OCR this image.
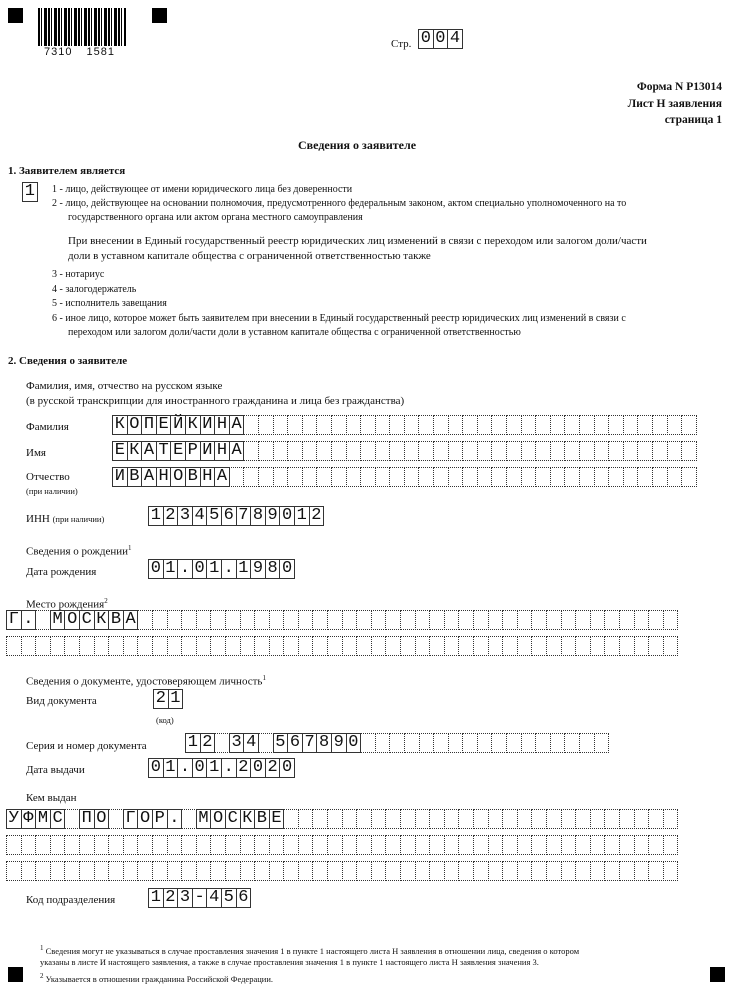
7310 1581
Стр. 0 0 4
Форма N Р13014
Лист Н заявления
страница 1
Сведения о заявителе
1. Заявителем является
1 1 - лицо, действующее от имени юридического лица без доверенности
2 - лицо, действующее на основании полномочия, предусмотренного федеральным законом, актом специально уполномоченного на то
государственного органа или актом органа местного самоуправления
При внесении в Единый государственный реестр юридических лиц изменений в связи с переходом или залогом доли/части
доли в уставном капитале общества с ограниченной ответственностью также
3 - нотариус
4 - залогодержатель
5 - исполнитель завещания
6 - иное лицо, которое может быть заявителем при внесении в Единый государственный реестр юридических лиц изменений в связи с
переходом или залогом доли/части доли в уставном капитале общества с ограниченной ответственностью
2. Сведения о заявителе
Фамилия, имя, отчество на русском языке
(в русской транскрипции для иностранного гражданина и лица без гражданства)
Фамилия	К О П Е Й К И Н А
Имя	Е К А Т Е Р И Н А
Отчество
(при наличии)
И В А Н О В Н А
ИНН (при наличии)	1 2 3 4 5 6 7 8 9 0 1 2
Сведения о рождении$^1$
Дата рождения	0 1 . 0 1 . 1 9 8 0
Место рождения$^2$
Г . М О С К В А
Сведения о документе, удостоверяющем личность$^1$
Вид документа	2 1
(код)
Серия и номер документа 1 2 3 4 5 6 7 8 9 0
Дата выдачи	0 1 . 0 1 . 2 0 2 0
Кем выдан
У Ф М С П О Г О Р . М О С К В Е
Код подразделения 1 2 3 - 4 5 6
$^1$ Сведения могут не указываться в случае проставления значения 1 в пункте 1 настоящего листа Н заявления в отношении лица, сведения о котором
указаны в листе И настоящего заявления, а также в случае проставления значения 1 в пункте 1 настоящего листа Н заявления значения 3.
$^2$ Указывается в отношении гражданина Российской Федерации.
